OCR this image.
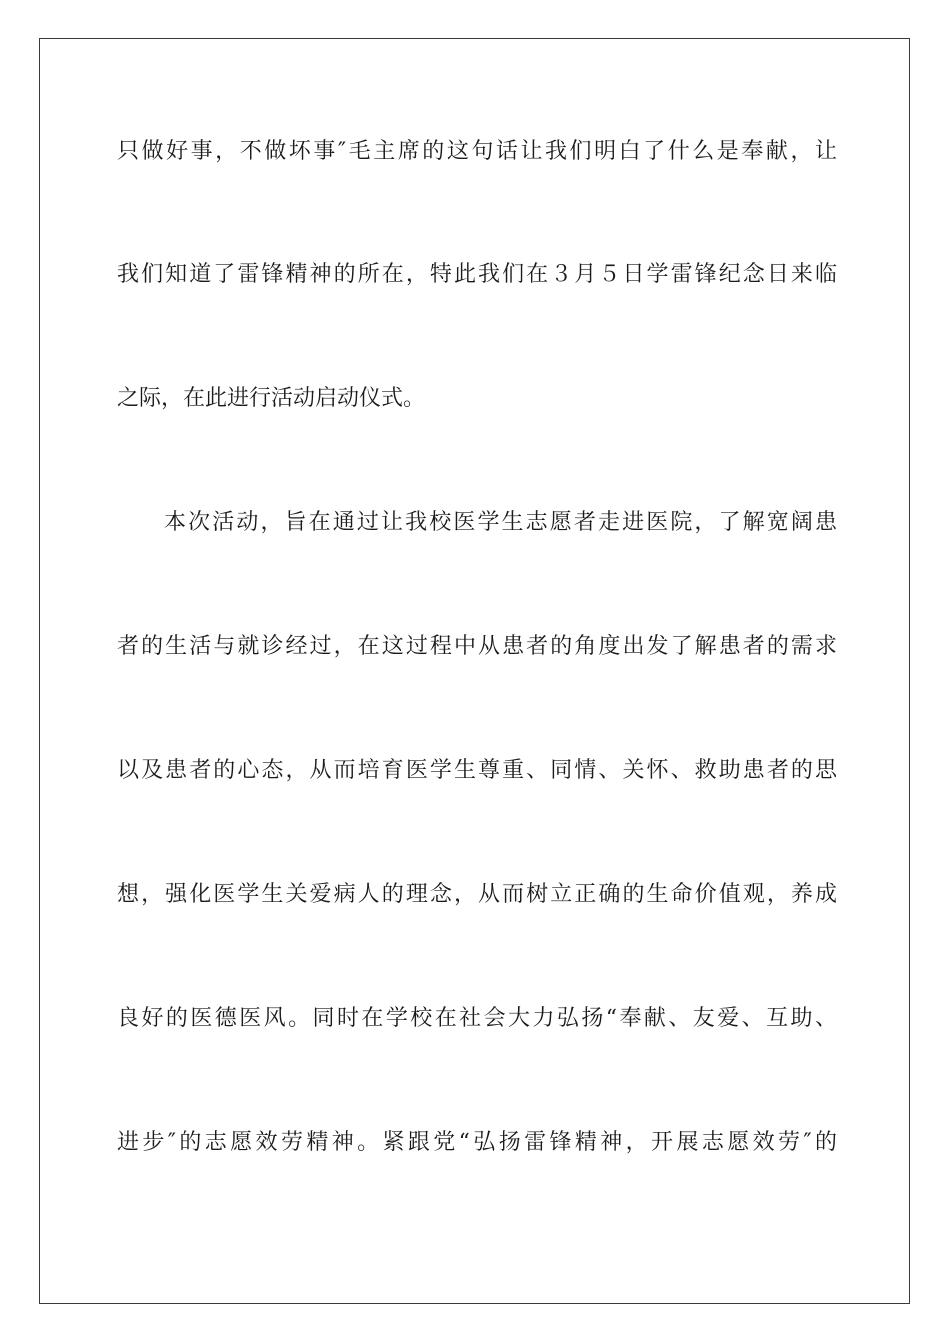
只做好事，不做坏事″毛主席的这句话让我们明白了什么是奉献，让
我们知道了雷锋精神的所在，特此我们在３月５日学雷锋纪念日来临
之际，在此进行活动启动仪式。
本次活动，旨在通过让我校医学生志愿者走进医院，了解宽阔患
者的生活与就诊经过，在这过程中从患者的角度出发了解患者的需求
以及患者的心态，从而培育医学生尊重、同情、关怀、救助患者的思
想，强化医学生关爱病人的理念，从而树立正确的生命价值观，养成
良好的医德医风。同时在学校在社会大力弘扬“奉献、友爱、互助、
进步″的志愿效劳精神。紧跟党“弘扬雷锋精神，开展志愿效劳″的
